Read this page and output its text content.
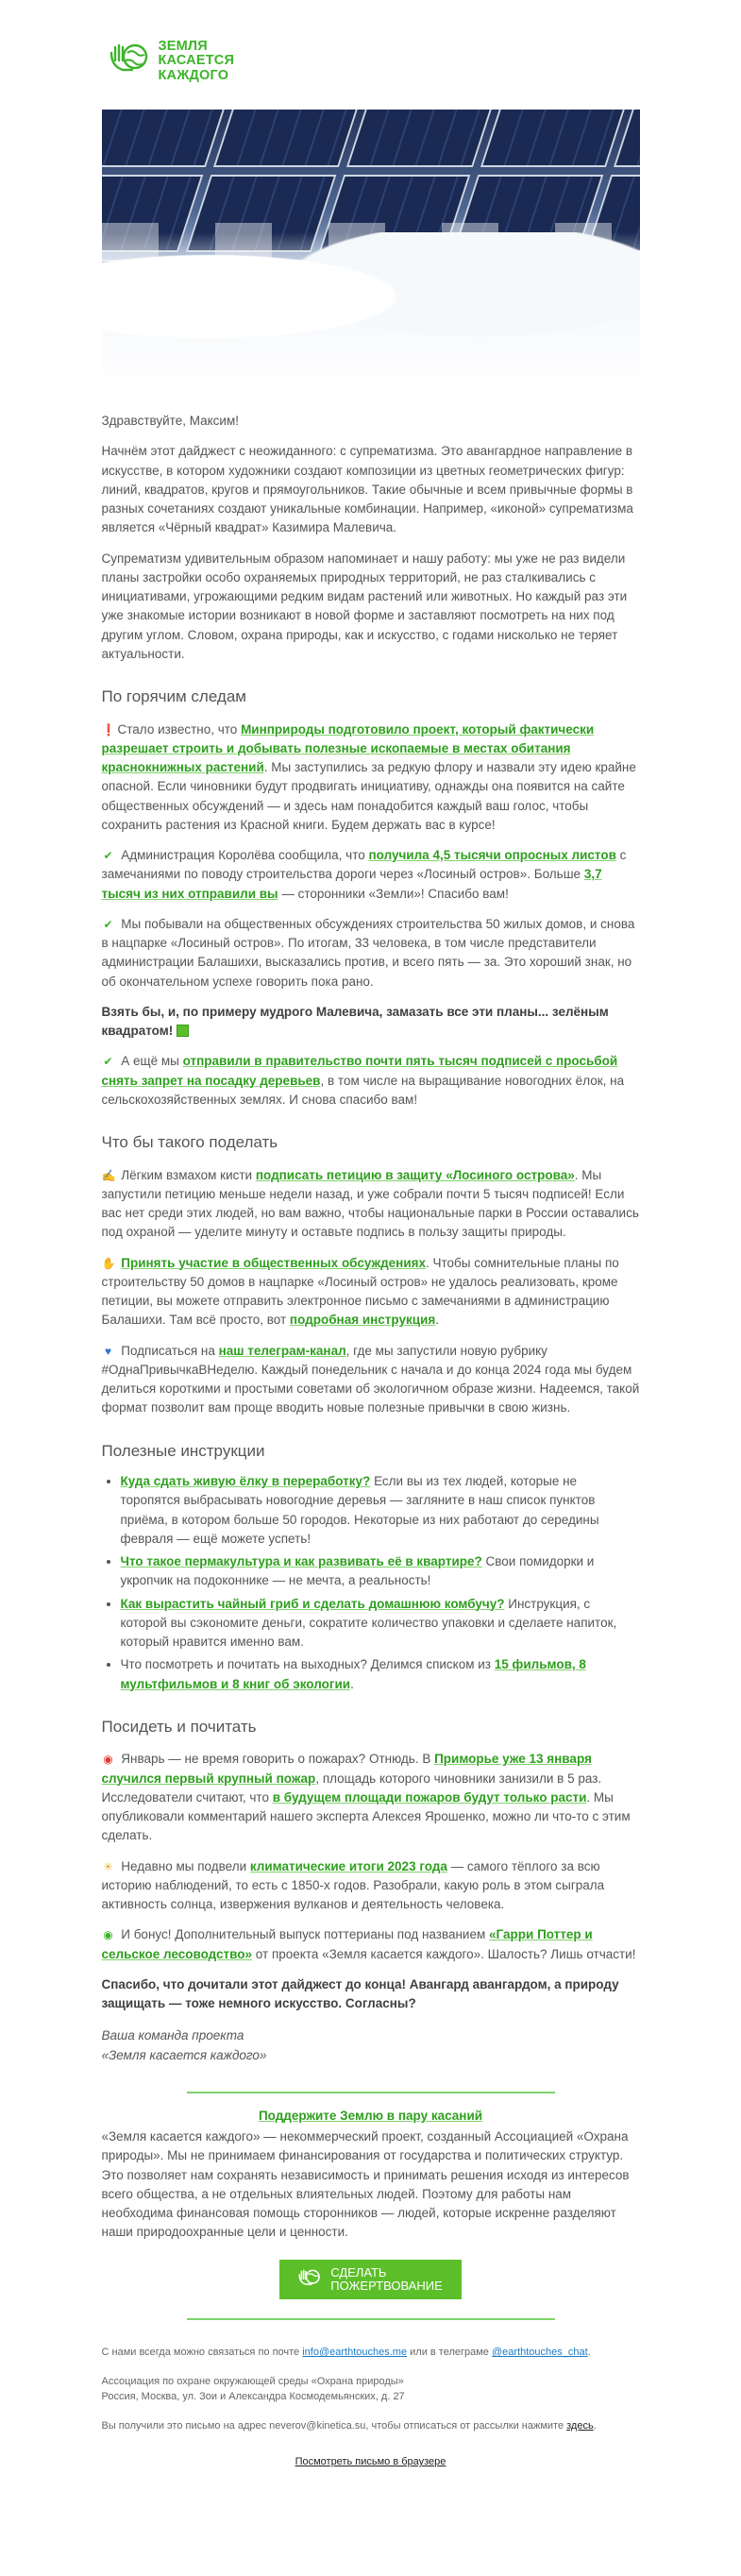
ЗЕМЛЯ
КАСАЕТСЯ
КАЖДОГО

Здравствуйте, Максим!

Начнём этот дайджест с неожиданного: с супрематизма. Это авангардное направление в искусстве, в котором художники создают композиции из цветных геометрических фигур: линий, квадратов, кругов и прямоугольников. Такие обычные и всем привычные формы в разных сочетаниях создают уникальные комбинации. Например, «иконой» супрематизма является «Чёрный квадрат» Казимира Малевича.

Супрематизм удивительным образом напоминает и нашу работу: мы уже не раз видели планы застройки особо охраняемых природных территорий, не раз сталкивались с инициативами, угрожающими редким видам растений или животных. Но каждый раз эти уже знакомые истории возникают в новой форме и заставляют посмотреть на них под другим углом. Словом, охрана природы, как и искусство, с годами нисколько не теряет актуальности.

По горячим следам

❗ Стало известно, что Минприроды подготовило проект, который фактически разрешает строить и добывать полезные ископаемые в местах обитания краснокнижных растений. Мы заступились за редкую флору и назвали эту идею крайне опасной. Если чиновники будут продвигать инициативу, однажды она появится на сайте общественных обсуждений — и здесь нам понадобится каждый ваш голос, чтобы сохранить растения из Красной книги. Будем держать вас в курсе!

✔ Администрация Королёва сообщила, что получила 4,5 тысячи опросных листов с замечаниями по поводу строительства дороги через «Лосиный остров». Больше 3,7 тысяч из них отправили вы — сторонники «Земли»! Спасибо вам!

✔ Мы побывали на общественных обсуждениях строительства 50 жилых домов, и снова в нацпарке «Лосиный остров». По итогам, 33 человека, в том числе представители администрации Балашихи, высказались против, и всего пять — за. Это хороший знак, но об окончательном успехе говорить пока рано.

Взять бы, и, по примеру мудрого Малевича, замазать все эти планы... зелёным квадратом!

✔ А ещё мы отправили в правительство почти пять тысяч подписей с просьбой снять запрет на посадку деревьев, в том числе на выращивание новогодних ёлок, на сельскохозяйственных землях. И снова спасибо вам!

Что бы такого поделать

✍ Лёгким взмахом кисти подписать петицию в защиту «Лосиного острова». Мы запустили петицию меньше недели назад, и уже собрали почти 5 тысяч подписей! Если вас нет среди этих людей, но вам важно, чтобы национальные парки в России оставались под охраной — уделите минуту и оставьте подпись в пользу защиты природы.

✋ Принять участие в общественных обсуждениях. Чтобы сомнительные планы по строительству 50 домов в нацпарке «Лосиный остров» не удалось реализовать, кроме петиции, вы можете отправить электронное письмо с замечаниями в администрацию Балашихи. Там всё просто, вот подробная инструкция.

♥ Подписаться на наш телеграм-канал, где мы запустили новую рубрику #ОднаПривычкаВНеделю. Каждый понедельник с начала и до конца 2024 года мы будем делиться короткими и простыми советами об экологичном образе жизни. Надеемся, такой формат позволит вам проще вводить новые полезные привычки в свою жизнь.

Полезные инструкции
• Куда сдать живую ёлку в переработку? Если вы из тех людей, которые не торопятся выбрасывать новогодние деревья — загляните в наш список пунктов приёма, в котором больше 50 городов. Некоторые из них работают до середины февраля — ещё можете успеть!
• Что такое пермакультура и как развивать её в квартире? Свои помидорки и укропчик на подоконнике — не мечта, а реальность!
• Как вырастить чайный гриб и сделать домашнюю комбучу? Инструкция, с которой вы сэкономите деньги, сократите количество упаковки и сделаете напиток, который нравится именно вам.
• Что посмотреть и почитать на выходных? Делимся списком из 15 фильмов, 8 мультфильмов и 8 книг об экологии.
Посидеть и почитать

◉ Январь — не время говорить о пожарах? Отнюдь. В Приморье уже 13 января случился первый крупный пожар, площадь которого чиновники занизили в 5 раз. Исследователи считают, что в будущем площади пожаров будут только расти. Мы опубликовали комментарий нашего эксперта Алексея Ярошенко, можно ли что-то с этим сделать.

☀ Недавно мы подвели климатические итоги 2023 года — самого тёплого за всю историю наблюдений, то есть с 1850-х годов. Разобрали, какую роль в этом сыграла активность солнца, извержения вулканов и деятельность человека.

◉ И бонус! Дополнительный выпуск поттерианы под названием «Гарри Поттер и сельское лесоводство» от проекта «Земля касается каждого». Шалость? Лишь отчасти!

Спасибо, что дочитали этот дайджест до конца! Авангард авангардом, а природу защищать — тоже немного искусство. Согласны?

Ваша команда проекта
«Земля касается каждого»
Поддержите Землю в пару касаний

«Земля касается каждого» — некоммерческий проект, созданный Ассоциацией «Охрана природы». Мы не принимаем финансирования от государства и политических структур. Это позволяет нам сохранять независимость и принимать решения исходя из интересов всего общества, а не отдельных влиятельных людей. Поэтому для работы нам необходима финансовая помощь сторонников — людей, которые искренне разделяют наши природоохранные цели и ценности.

СДЕЛАТЬ
ПОЖЕРТВОВАНИЕ

С нами всегда можно связаться по почте info@earthtouches.me или в телеграме @earthtouches_chat.

Ассоциация по охране окружающей среды «Охрана природы»
Россия, Москва, ул. Зои и Александра Космодемьянских, д. 27

Вы получили это письмо на адрес neverov@kinetica.su, чтобы отписаться от рассылки нажмите здесь.

Посмотреть письмо в браузере
